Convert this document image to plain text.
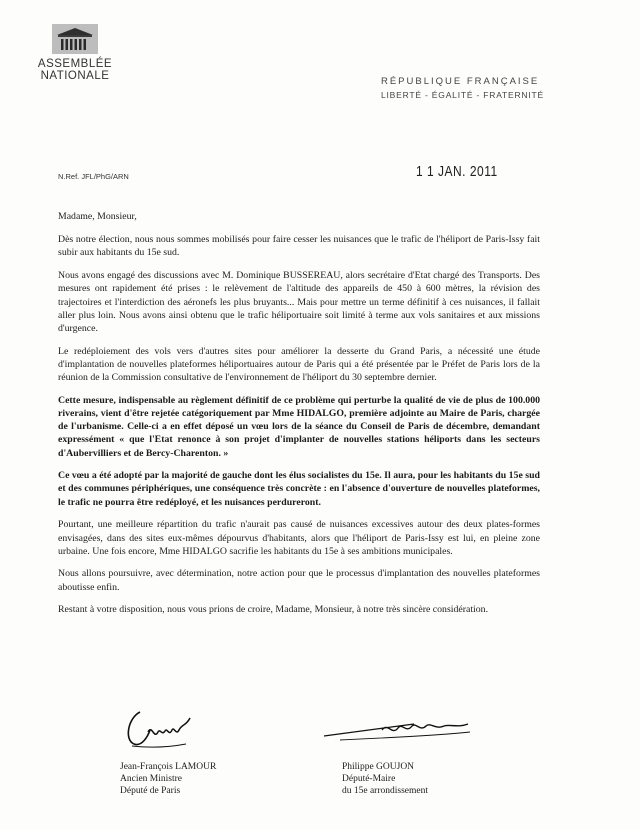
ASSEMBLÉE
NATIONALE	RÉPUBLIQUE FRANÇAISE
LIBERTÉ - ÉGALITÉ - FRATERNITÉ
N.Ref. JFL/PhG/ARN	1 1 JAN. 2011

Madame, Monsieur,

Dès notre élection, nous nous sommes mobilisés pour faire cesser les nuisances que le trafic de l'héliport de Paris-Issy fait subir aux habitants du 15e sud.

Nous avons engagé des discussions avec M. Dominique BUSSEREAU, alors secrétaire d'Etat chargé des Transports. Des mesures ont rapidement été prises : le relèvement de l'altitude des appareils de 450 à 600 mètres, la révision des trajectoires et l'interdiction des aéronefs les plus bruyants... Mais pour mettre un terme définitif à ces nuisances, il fallait aller plus loin. Nous avons ainsi obtenu que le trafic héliportuaire soit limité à terme aux vols sanitaires et aux missions d'urgence.

Le redéploiement des vols vers d'autres sites pour améliorer la desserte du Grand Paris, a nécessité une étude d'implantation de nouvelles plateformes héliportuaires autour de Paris qui a été présentée par le Préfet de Paris lors de la réunion de la Commission consultative de l'environnement de l'héliport du 30 septembre dernier.

Cette mesure, indispensable au règlement définitif de ce problème qui perturbe la qualité de vie de plus de 100.000 riverains, vient d'être rejetée catégoriquement par Mme HIDALGO, première adjointe au Maire de Paris, chargée de l'urbanisme. Celle-ci a en effet déposé un vœu lors de la séance du Conseil de Paris de décembre, demandant expressément « que l'Etat renonce à son projet d'implanter de nouvelles stations héliports dans les secteurs d'Aubervilliers et de Bercy-Charenton. »

Ce vœu a été adopté par la majorité de gauche dont les élus socialistes du 15e. Il aura, pour les habitants du 15e sud et des communes périphériques, une conséquence très concrète : en l'absence d'ouverture de nouvelles plateformes, le trafic ne pourra être redéployé, et les nuisances perdureront.

Pourtant, une meilleure répartition du trafic n'aurait pas causé de nuisances excessives autour des deux plates-formes envisagées, dans des sites eux-mêmes dépourvus d'habitants, alors que l'héliport de Paris-Issy est lui, en pleine zone urbaine. Une fois encore, Mme HIDALGO sacrifie les habitants du 15e à ses ambitions municipales.

Nous allons poursuivre, avec détermination, notre action pour que le processus d'implantation des nouvelles plateformes aboutisse enfin.

Restant à votre disposition, nous vous prions de croire, Madame, Monsieur, à notre très sincère considération.

Jean-François LAMOUR
Ancien Ministre
Député de Paris
Philippe GOUJON
Député-Maire
du 15e arrondissement
